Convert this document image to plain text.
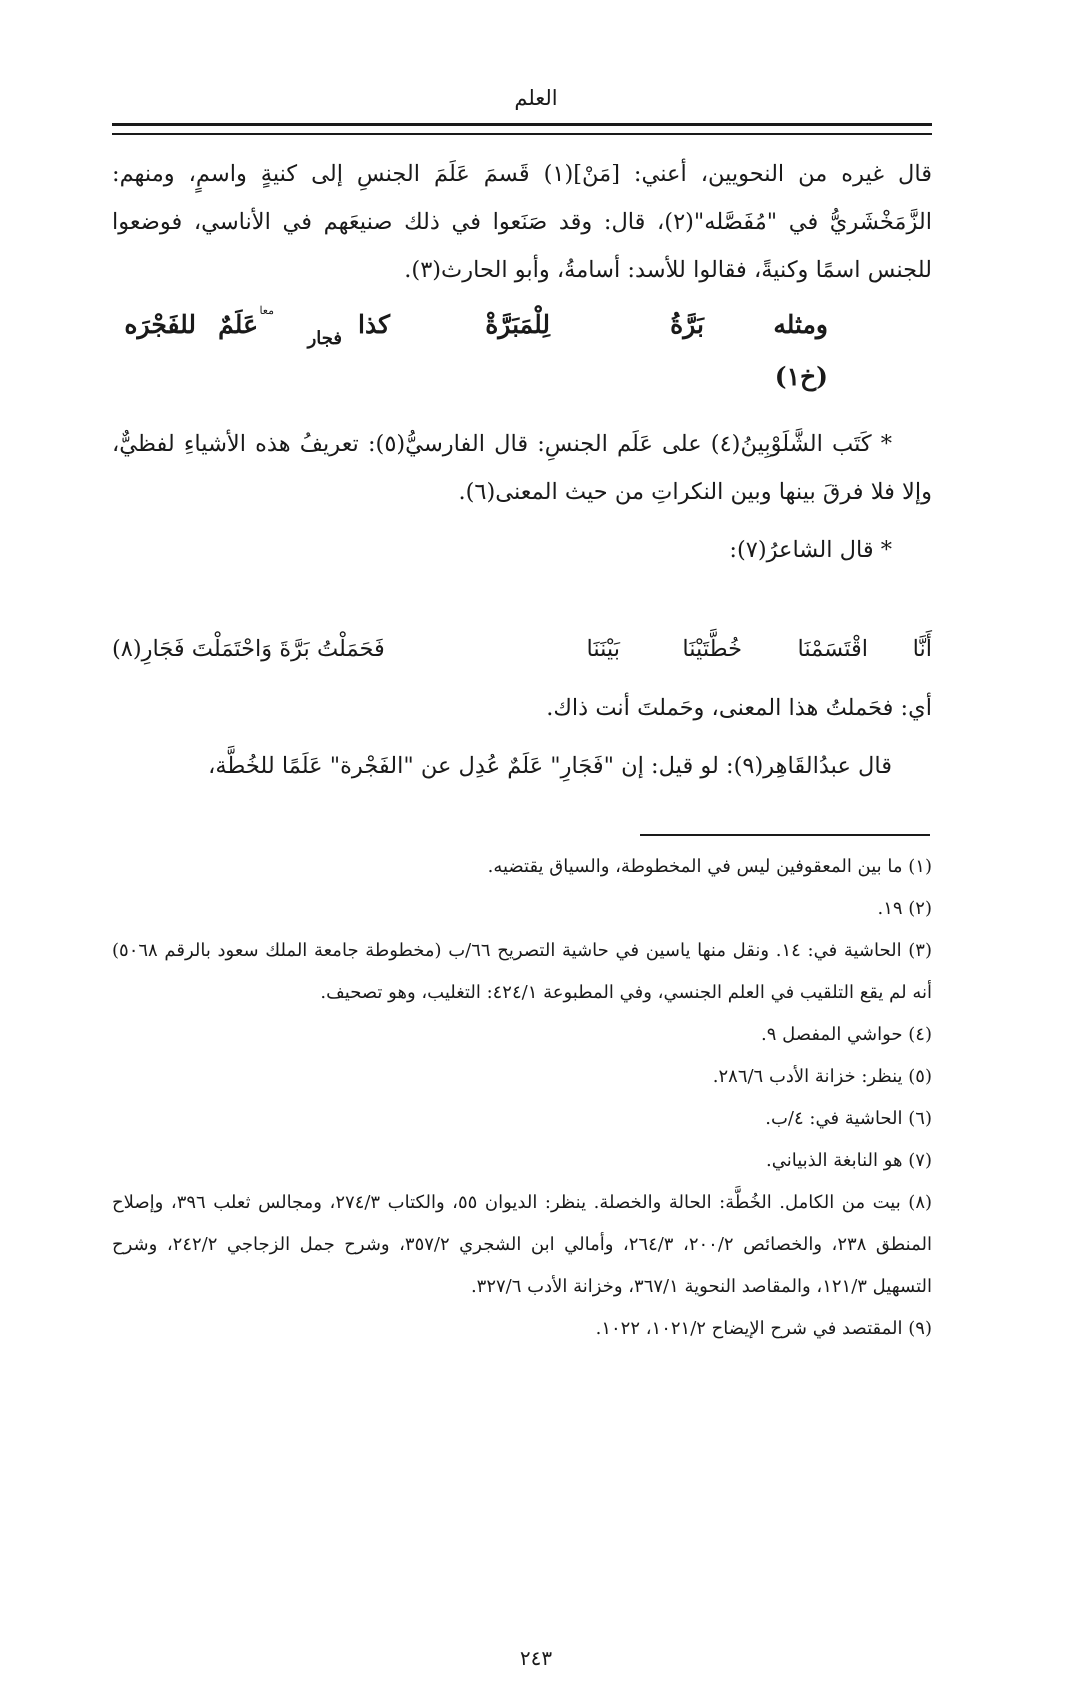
العلم

قال غيره من النحويين، أعني: [مَنْ](١) قَسمَ عَلَمَ الجنسِ إلى كنيةٍ واسمٍ، ومنهم: الزَّمَخْشَريُّ في "مُفَصَّله"(٢)، قال: وقد صَنَعوا في ذلك صنيعَهم في الأناسي، فوضعوا للجنس اسمًا وكنيةً، فقالوا للأسد: أسامةُ، وأبو الحارث(٣).

ومثله
بَرَّةُ
لِلْمَبَرَّةْ
كذا
فجار
معا
عَلَمٌ
للفَجْرَه
(خ١)

* كَتَب الشَّلَوْبِينُ(٤) على عَلَم الجنسِ: قال الفارسيُّ(٥): تعريفُ هذه الأشياءِ لفظيٌّ، وإلا فلا فرقَ بينها وبين النكراتِ من حيث المعنى(٦).

* قال الشاعرُ(٧):

أَنَّا
اقْتَسَمْنَا
خُطَّتَيْنَا
بَيْنَنَا
فَحَمَلْتُ بَرَّةَ وَاحْتَمَلْتَ فَجَارِ(٨)

أي: فحَملتُ هذا المعنى، وحَملتَ أنت ذاك.

قال عبدُالقَاهِر(٩): لو قيل: إن "فَجَارِ" عَلَمٌ عُدِل عن "الفَجْرة" عَلَمًا للخُطَّة،

(١) ما بين المعقوفين ليس في المخطوطة، والسياق يقتضيه.

(٢) ١٩.

(٣) الحاشية في: ١٤. ونقل منها ياسين في حاشية التصريح ٦٦/ب (مخطوطة جامعة الملك سعود بالرقم ٥٠٦٨) أنه لم يقع التلقيب في العلم الجنسي، وفي المطبوعة ٤٢٤/١: التغليب، وهو تصحيف.

(٤) حواشي المفصل ٩.

(٥) ينظر: خزانة الأدب ٢٨٦/٦.

(٦) الحاشية في: ٤/ب.

(٧) هو النابغة الذبياني.

(٨) بيت من الكامل. الخُطَّة: الحالة والخصلة. ينظر: الديوان ٥٥، والكتاب ٢٧٤/٣، ومجالس ثعلب ٣٩٦، وإصلاح المنطق ٢٣٨، والخصائص ٢٠٠/٢، ٢٦٤/٣، وأمالي ابن الشجري ٣٥٧/٢، وشرح جمل الزجاجي ٢٤٢/٢، وشرح التسهيل ١٢١/٣، والمقاصد النحوية ٣٦٧/١، وخزانة الأدب ٣٢٧/٦.

(٩) المقتصد في شرح الإيضاح ١٠٢١/٢، ١٠٢٢.

٢٤٣
